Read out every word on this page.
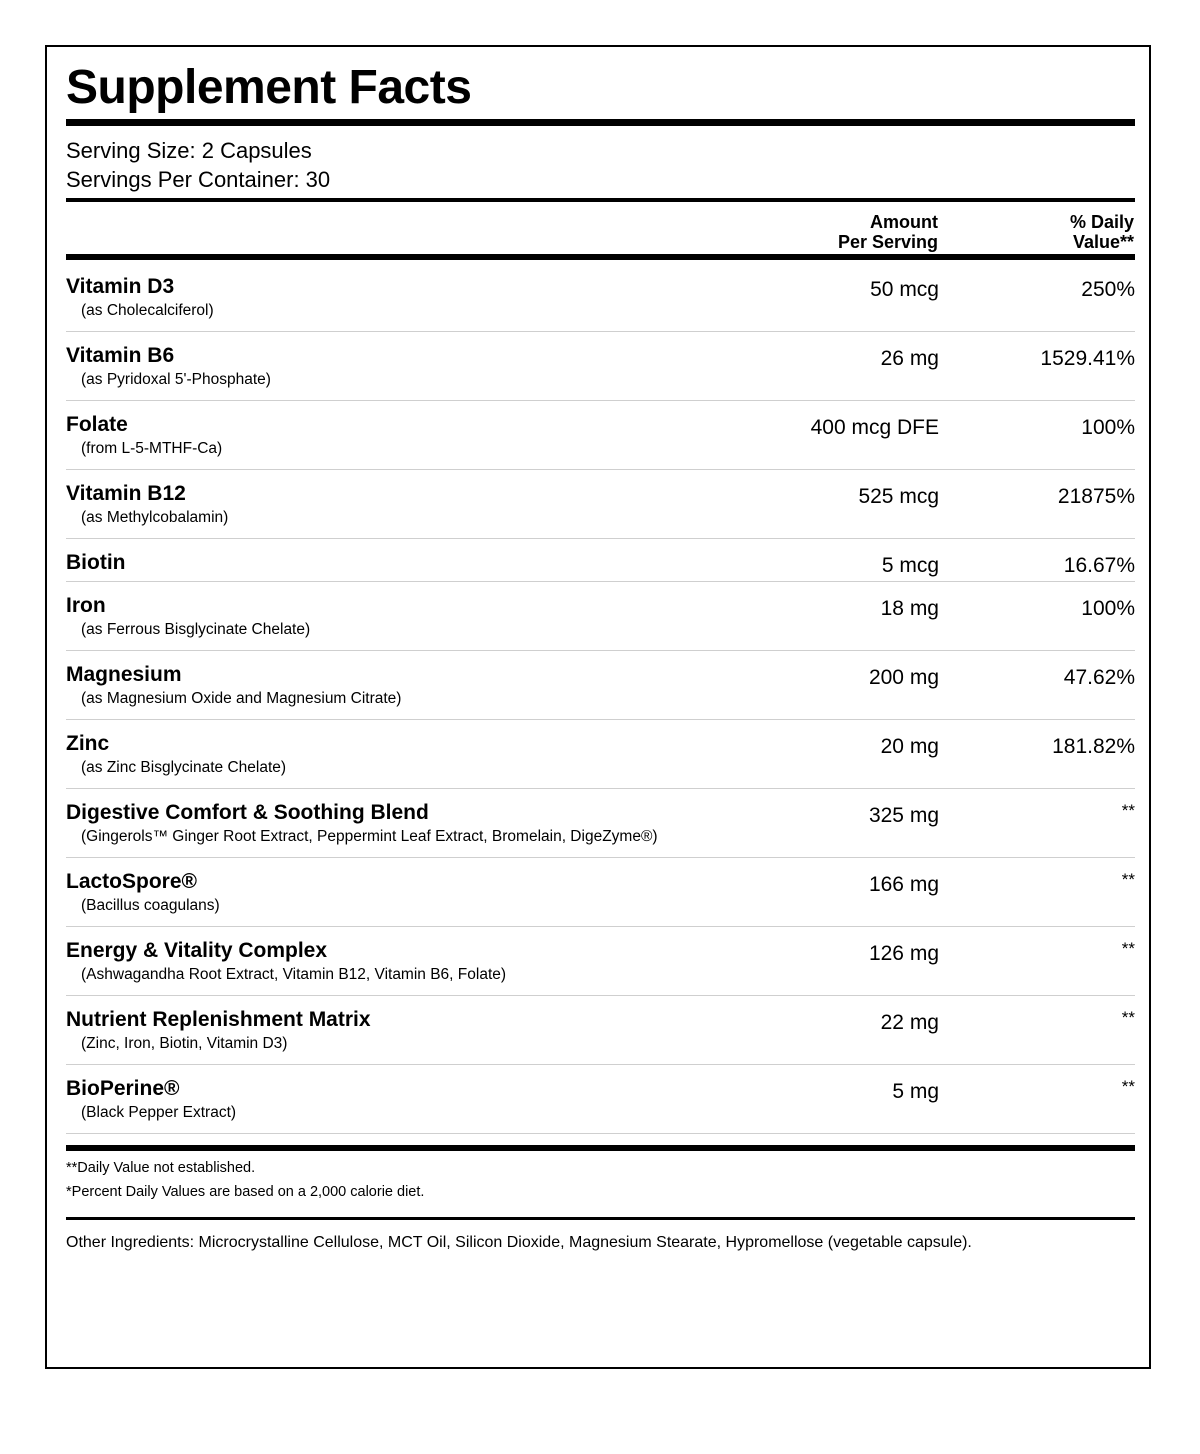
Supplement Facts
Serving Size: 2 Capsules
Servings Per Container: 30
Amount
Per Serving
% Daily
Value**
Vitamin D3
(as Cholecalciferol)
50 mcg	250%
Vitamin B6
(as Pyridoxal 5'-Phosphate)
26 mg	1529.41%
Folate
(from L-5-MTHF-Ca)
400 mcg DFE	100%
Vitamin B12
(as Methylcobalamin)
525 mcg	21875%
Biotin	5 mcg	16.67%
Iron
(as Ferrous Bisglycinate Chelate)
18 mg	100%
Magnesium
(as Magnesium Oxide and Magnesium Citrate)
200 mg	47.62%
Zinc
(as Zinc Bisglycinate Chelate)
20 mg	181.82%
Digestive Comfort & Soothing Blend
(Gingerols™ Ginger Root Extract, Peppermint Leaf Extract, Bromelain, DigeZyme®)
325 mg	**
LactoSpore®
(Bacillus coagulans)
166 mg	**
Energy & Vitality Complex
(Ashwagandha Root Extract, Vitamin B12, Vitamin B6, Folate)
126 mg	**
Nutrient Replenishment Matrix
(Zinc, Iron, Biotin, Vitamin D3)
22 mg	**
BioPerine®
(Black Pepper Extract)
5 mg	**
**Daily Value not established.
*Percent Daily Values are based on a 2,000 calorie diet.
Other Ingredients: Microcrystalline Cellulose, MCT Oil, Silicon Dioxide, Magnesium Stearate, Hypromellose (vegetable capsule).
